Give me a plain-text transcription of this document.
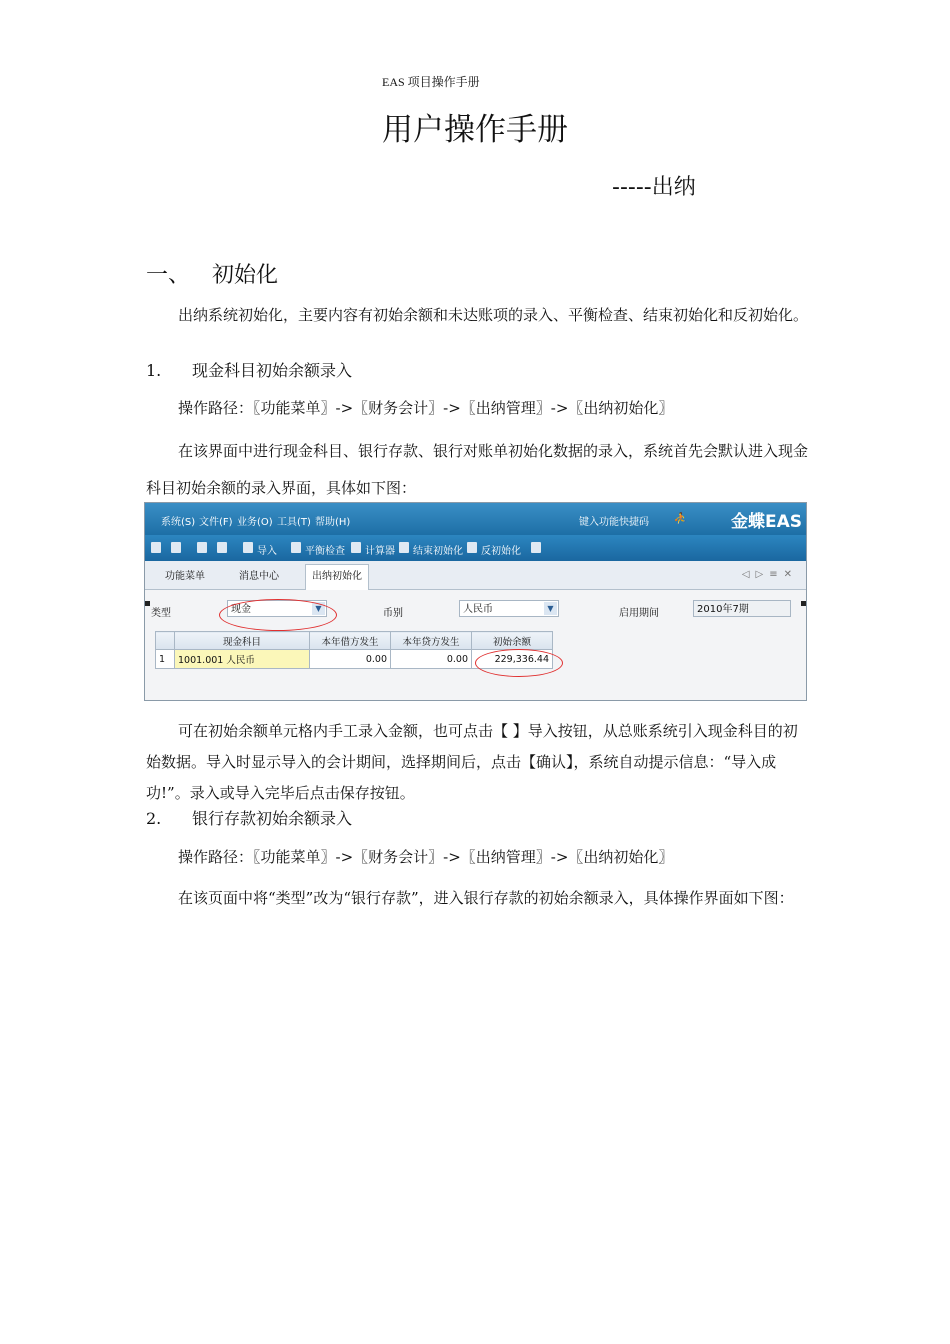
EAS 项目操作手册
用户操作手册
-----出纳
一、 初始化
出纳系统初始化，主要内容有初始余额和未达账项的录入、平衡检查、结束初始化和反初始化。
1. 现金科目初始余额录入
操作路径：〖功能菜单〗->〖财务会计〗->〖出纳管理〗->〖出纳初始化〗
在该界面中进行现金科目、银行存款、银行对账单初始化数据的录入，系统首先会默认进入现金科目初始余额的录入界面，具体如下图：
系统(S) 文件(F) 业务(O) 工具(T) 帮助(H)	键入功能快捷码 ⛹	金蝶EAS
导入	平衡检查 计算器 结束初始化 反初始化
功能菜单	消息中心	出纳初始化	◁▷≡✕
类型	现金	▼	币别	人民币	▼	启用期间	2010年7期
	现金科目	本年借方发生	本年贷方发生	初始余额
1	1001.001 人民币	0.00	0.00	229,336.44
可在初始余额单元格内手工录入金额，也可点击【 】导入按钮，从总账系统引入现金科目的初始数据。导入时显示导入的会计期间，选择期间后，点击【确认】，系统自动提示信息：“导入成功!”。录入或导入完毕后点击保存按钮。
2. 银行存款初始余额录入
操作路径：〖功能菜单〗->〖财务会计〗->〖出纳管理〗->〖出纳初始化〗
在该页面中将“类型”改为“银行存款”，进入银行存款的初始余额录入，具体操作界面如下图：
